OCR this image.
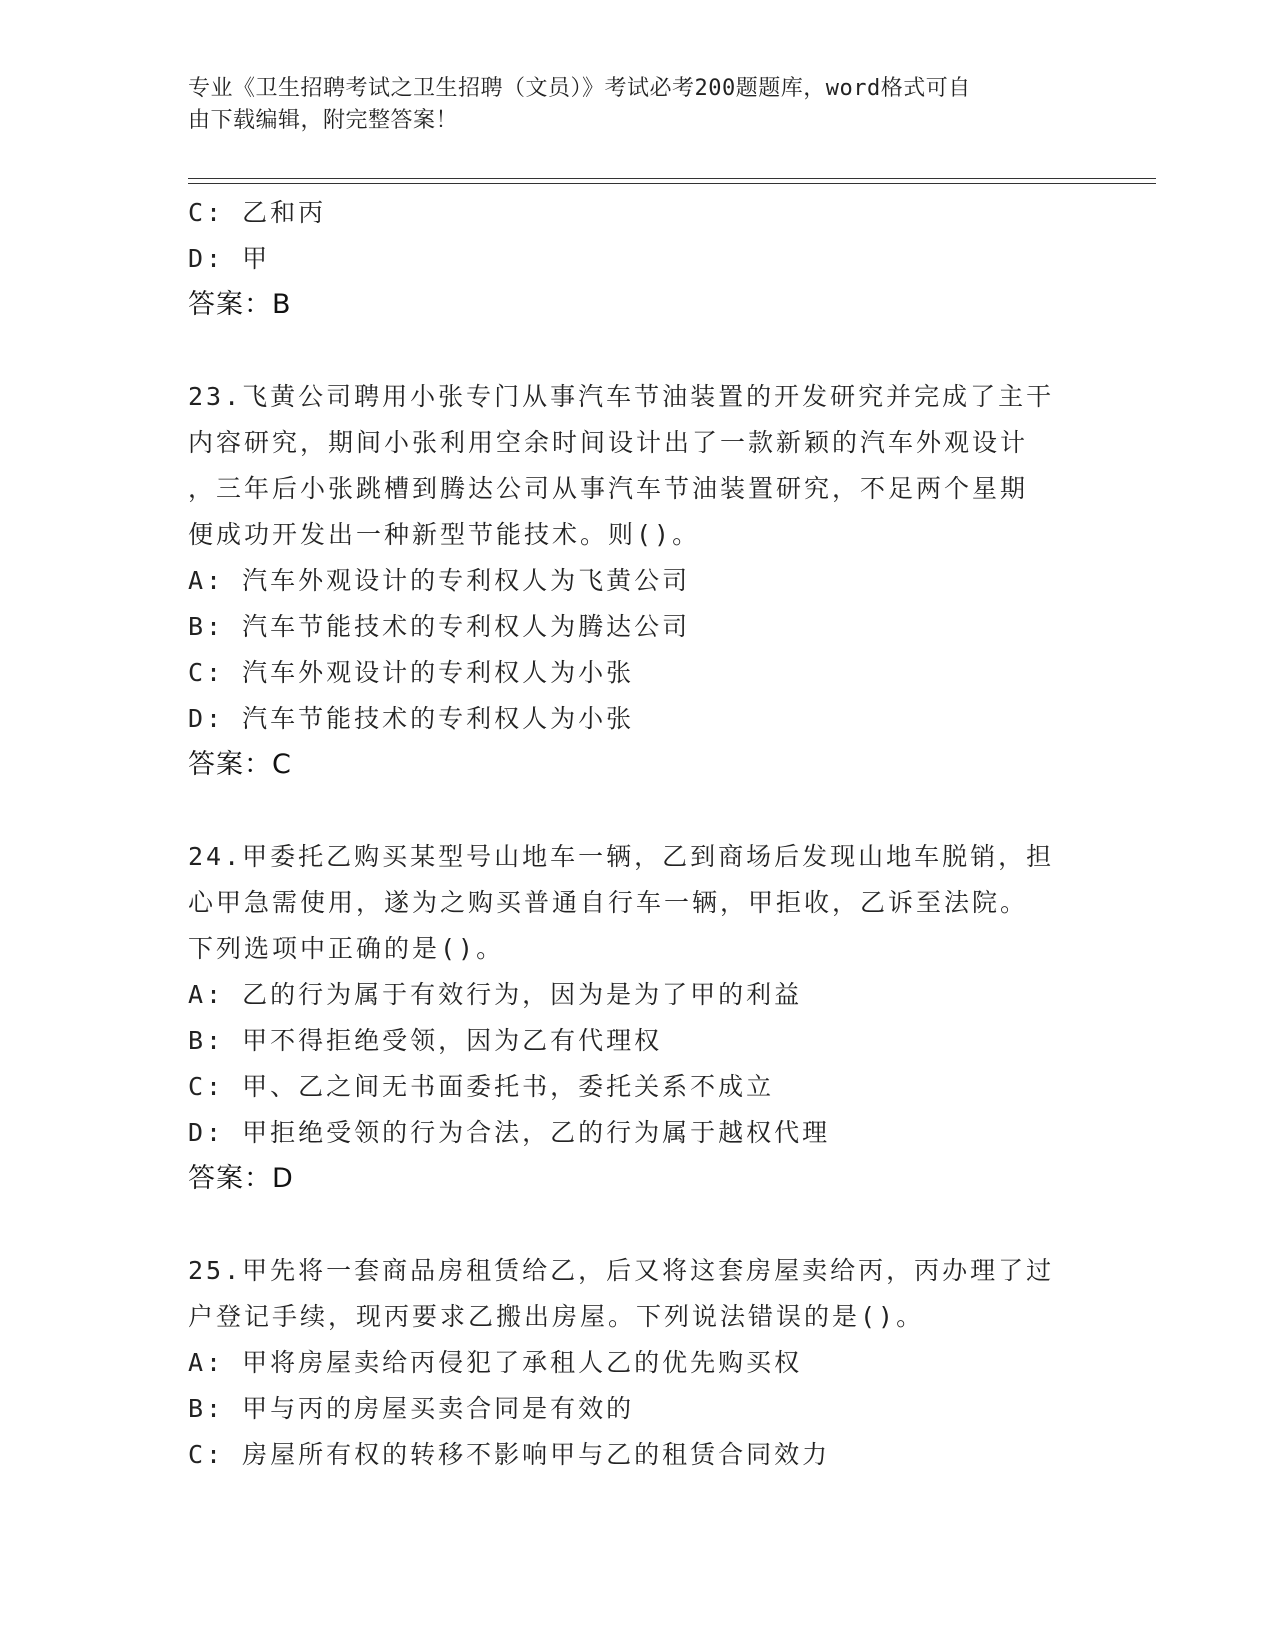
专业《卫生招聘考试之卫生招聘（文员）》考试必考200题题库，word格式可自
由下载编辑，附完整答案！
C: 乙和丙
D: 甲
答案：B
23.飞黄公司聘用小张专门从事汽车节油装置的开发研究并完成了主干
内容研究，期间小张利用空余时间设计出了一款新颖的汽车外观设计
，三年后小张跳槽到腾达公司从事汽车节油装置研究，不足两个星期
便成功开发出一种新型节能技术。则()。
A: 汽车外观设计的专利权人为飞黄公司
B: 汽车节能技术的专利权人为腾达公司
C: 汽车外观设计的专利权人为小张
D: 汽车节能技术的专利权人为小张
答案：C
24.甲委托乙购买某型号山地车一辆，乙到商场后发现山地车脱销，担
心甲急需使用，遂为之购买普通自行车一辆，甲拒收，乙诉至法院。
下列选项中正确的是()。
A: 乙的行为属于有效行为，因为是为了甲的利益
B: 甲不得拒绝受领，因为乙有代理权
C: 甲、乙之间无书面委托书，委托关系不成立
D: 甲拒绝受领的行为合法，乙的行为属于越权代理
答案：D
25.甲先将一套商品房租赁给乙，后又将这套房屋卖给丙，丙办理了过
户登记手续，现丙要求乙搬出房屋。下列说法错误的是()。
A: 甲将房屋卖给丙侵犯了承租人乙的优先购买权
B: 甲与丙的房屋买卖合同是有效的
C: 房屋所有权的转移不影响甲与乙的租赁合同效力
